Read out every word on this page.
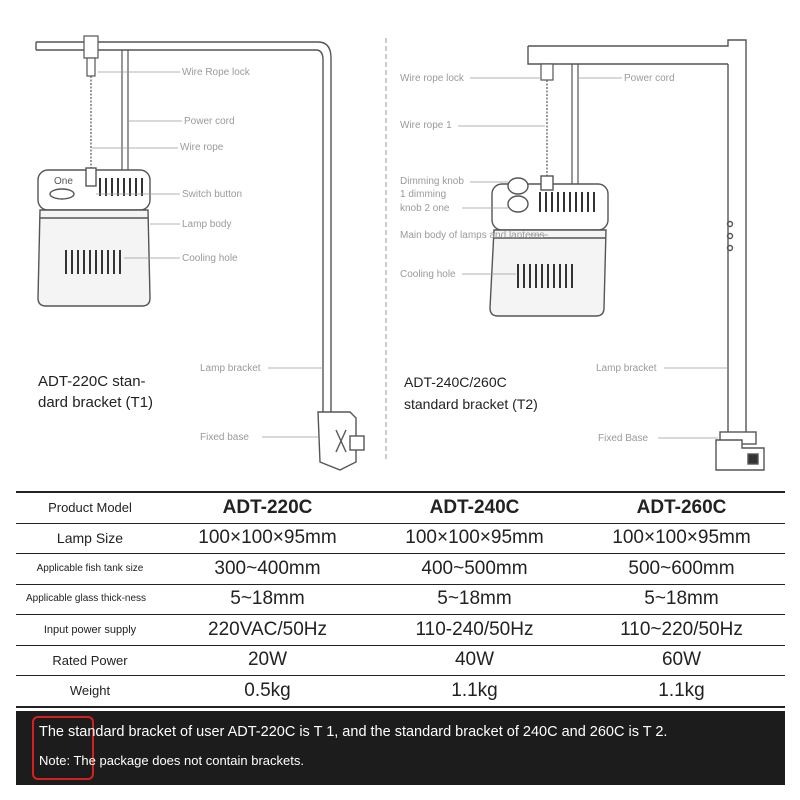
Wire Rope lock
Power cord
Wire rope
Switch button
Lamp body
Cooling hole
Lamp bracket
Fixed base
One
ADT-220C stan-
dard bracket (T1)
Wire rope lock	Power cord
Wire rope 1
Dimming knob
1 dimming
knob 2 one
Main body of lamps and lanterns
Cooling hole
Lamp bracket
Fixed Base
ADT-240C/260C
standard bracket (T2)
Product Model	ADT-220C	ADT-240C	ADT-260C
Lamp Size	100×100×95mm	100×100×95mm	100×100×95mm
Applicable fish tank size	300~400mm	400~500mm	500~600mm
Applicable glass thick-ness	5~18mm	5~18mm	5~18mm
Input power supply	220VAC/50Hz	110-240/50Hz	110~220/50Hz
Rated Power	20W	40W	60W
Weight	0.5kg	1.1kg	1.1kg
The standard bracket of user ADT-220C is T 1, and the standard bracket of 240C and 260C is T 2.
Note: The package does not contain brackets.
